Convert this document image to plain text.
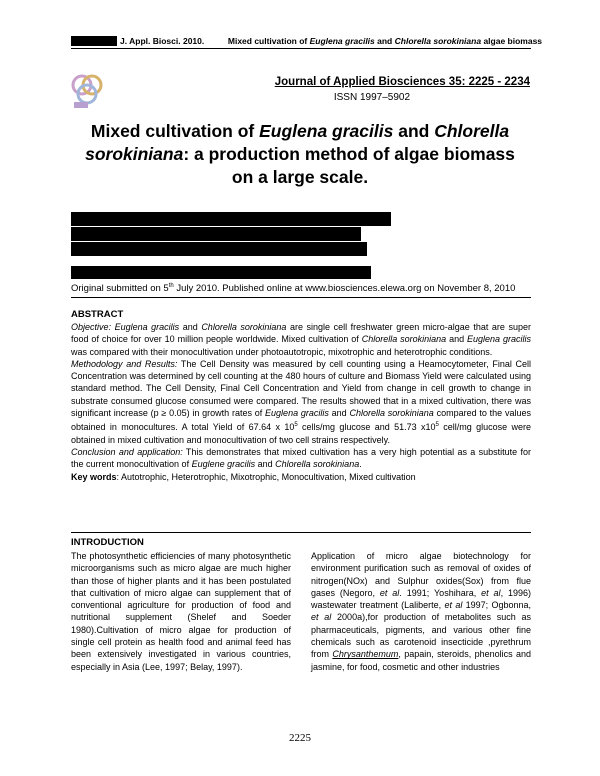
J. Appl. Biosci. 2010.	Mixed cultivation of Euglena gracilis and Chlorella sorokiniana algae biomass
Journal of Applied Biosciences 35: 2225 - 2234
ISSN 1997–5902
Mixed cultivation of Euglena gracilis and Chlorella
sorokiniana: a production method of algae biomass
on a large scale.
Original submitted on 5th July 2010. Published online at www.biosciences.elewa.org on November 8, 2010
ABSTRACT

Objective: Euglena gracilis and Chlorella sorokiniana are single cell freshwater green micro-algae that are super food of choice for over 10 million people worldwide. Mixed cultivation of Chlorella sorokiniana and Euglena gracilis was compared with their monocultivation under photoautotropic, mixotrophic and heterotrophic conditions.

Methodology and Results: The Cell Density was measured by cell counting using a Heamocytometer, Final Cell Concentration was determined by cell counting at the 480 hours of culture and Biomass Yield were calculated using standard method. The Cell Density, Final Cell Concentration and Yield from change in cell growth to change in substrate consumed glucose consumed were compared. The results showed that in a mixed cultivation, there was significant increase (p ≥ 0.05) in growth rates of Euglena gracilis and Chlorella sorokiniana compared to the values obtained in monocultures. A total Yield of 67.64 x $10^5$ cells/mg glucose and 51.73 $x10^5$ cell/mg glucose were obtained in mixed cultivation and monocultivation of two cell strains respectively.

Conclusion and application: This demonstrates that mixed cultivation has a very high potential as a substitute for the current monocultivation of Euglene gracilis and Chlorella sorokiniana.

Key words: Autotrophic, Heterotrophic, Mixotrophic, Monocultivation, Mixed cultivation

INTRODUCTION
The photosynthetic efficiencies of many photosynthetic microorganisms such as micro algae are much higher than those of higher plants and it has been postulated that cultivation of micro algae can supplement that of conventional agriculture for production of food and nutritional supplement (Shelef and Soeder 1980).Cultivation of micro algae for production of single cell protein as health food and animal feed has been extensively investigated in various countries, especially in Asia (Lee, 1997; Belay, 1997).
Application of micro algae biotechnology for environment purification such as removal of oxides of nitrogen(NOx) and Sulphur oxides(Sox) from flue gases (Negoro, et al. 1991; Yoshihara, et al, 1996) wastewater treatment (Laliberte, et al 1997; Ogbonna, et al 2000a),for production of metabolites such as pharmaceuticals, pigments, and various other fine chemicals such as carotenoid insecticide ,pyrethrum from Chrysanthemum, papain, steroids, phenolics and jasmine, for food, cosmetic and other industries
2225
